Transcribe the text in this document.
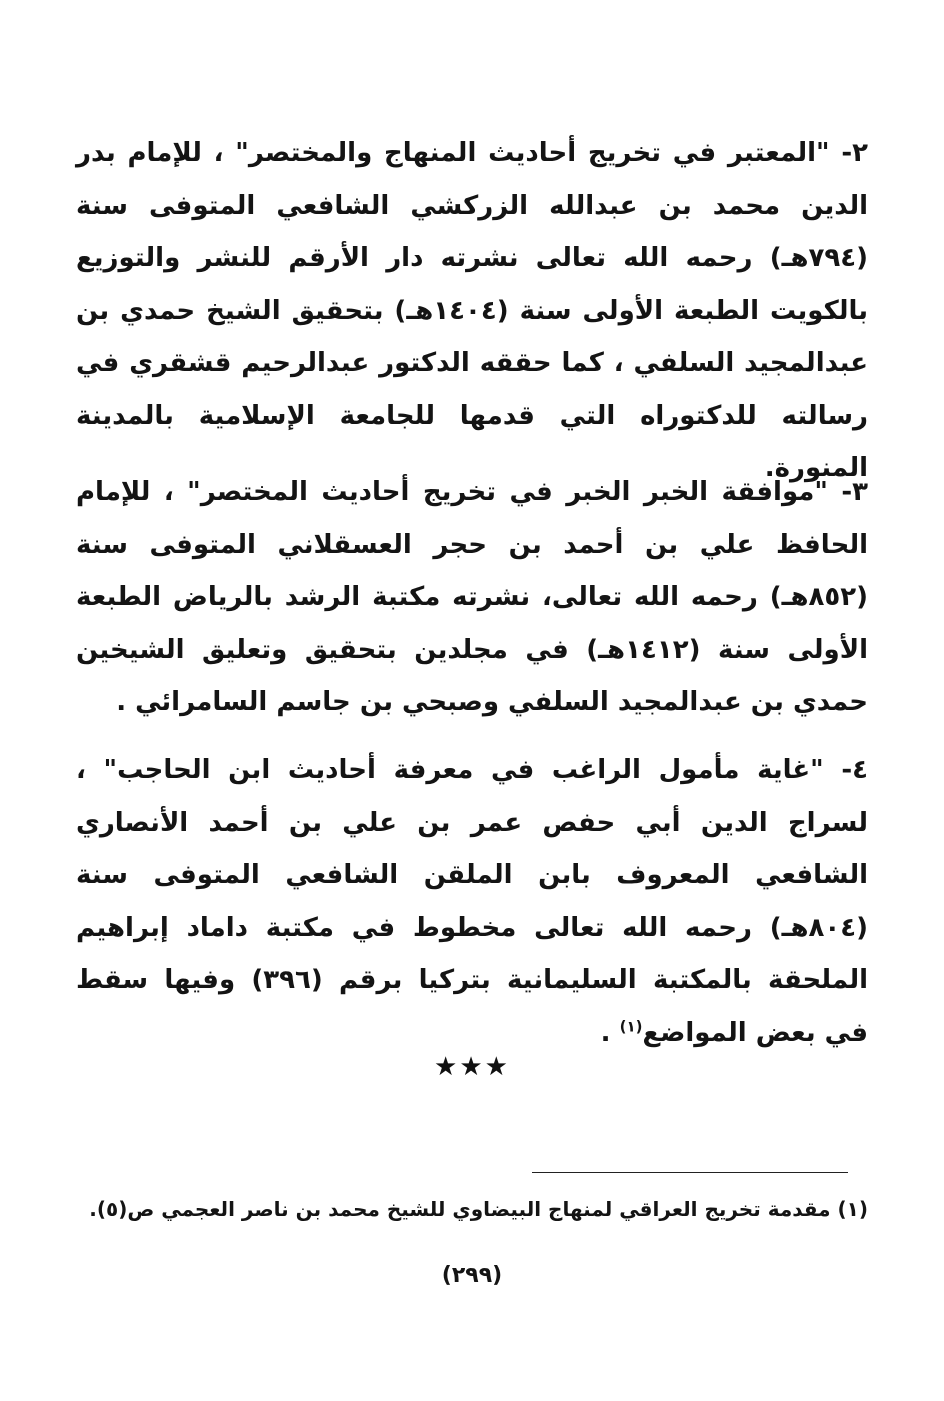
٢- "المعتبر في تخريج أحاديث المنهاج والمختصر" ، للإمام بدر الدين محمد بن عبدالله الزركشي الشافعي المتوفى سنة (٧٩٤هـ) رحمه الله تعالى نشرته دار الأرقم للنشر والتوزيع بالكويت الطبعة الأولى سنة (١٤٠٤هـ) بتحقيق الشيخ حمدي بن عبدالمجيد السلفي ، كما حققه الدكتور عبدالرحيم قشقري في رسالته للدكتوراه التي قدمها للجامعة الإسلامية بالمدينة المنورة.
٣- "موافقة الخبر الخبر في تخريج أحاديث المختصر" ، للإمام الحافظ علي بن أحمد بن حجر العسقلاني المتوفى سنة (٨٥٢هـ) رحمه الله تعالى، نشرته مكتبة الرشد بالرياض الطبعة الأولى سنة (١٤١٢هـ) في مجلدين بتحقيق وتعليق الشيخين حمدي بن عبدالمجيد السلفي وصبحي بن جاسم السامرائي .
٤- "غاية مأمول الراغب في معرفة أحاديث ابن الحاجب" ، لسراج الدين أبي حفص عمر بن علي بن أحمد الأنصاري الشافعي المعروف بابن الملقن الشافعي المتوفى سنة (٨٠٤هـ) رحمه الله تعالى مخطوط في مكتبة داماد إبراهيم الملحقة بالمكتبة السليمانية بتركيا برقم (٣٩٦) وفيها سقط في بعض المواضع$^{(١)}$ .
★★★
(١) مقدمة تخريج العراقي لمنهاج البيضاوي للشيخ محمد بن ناصر العجمي ص(٥).
(٢٩٩)
